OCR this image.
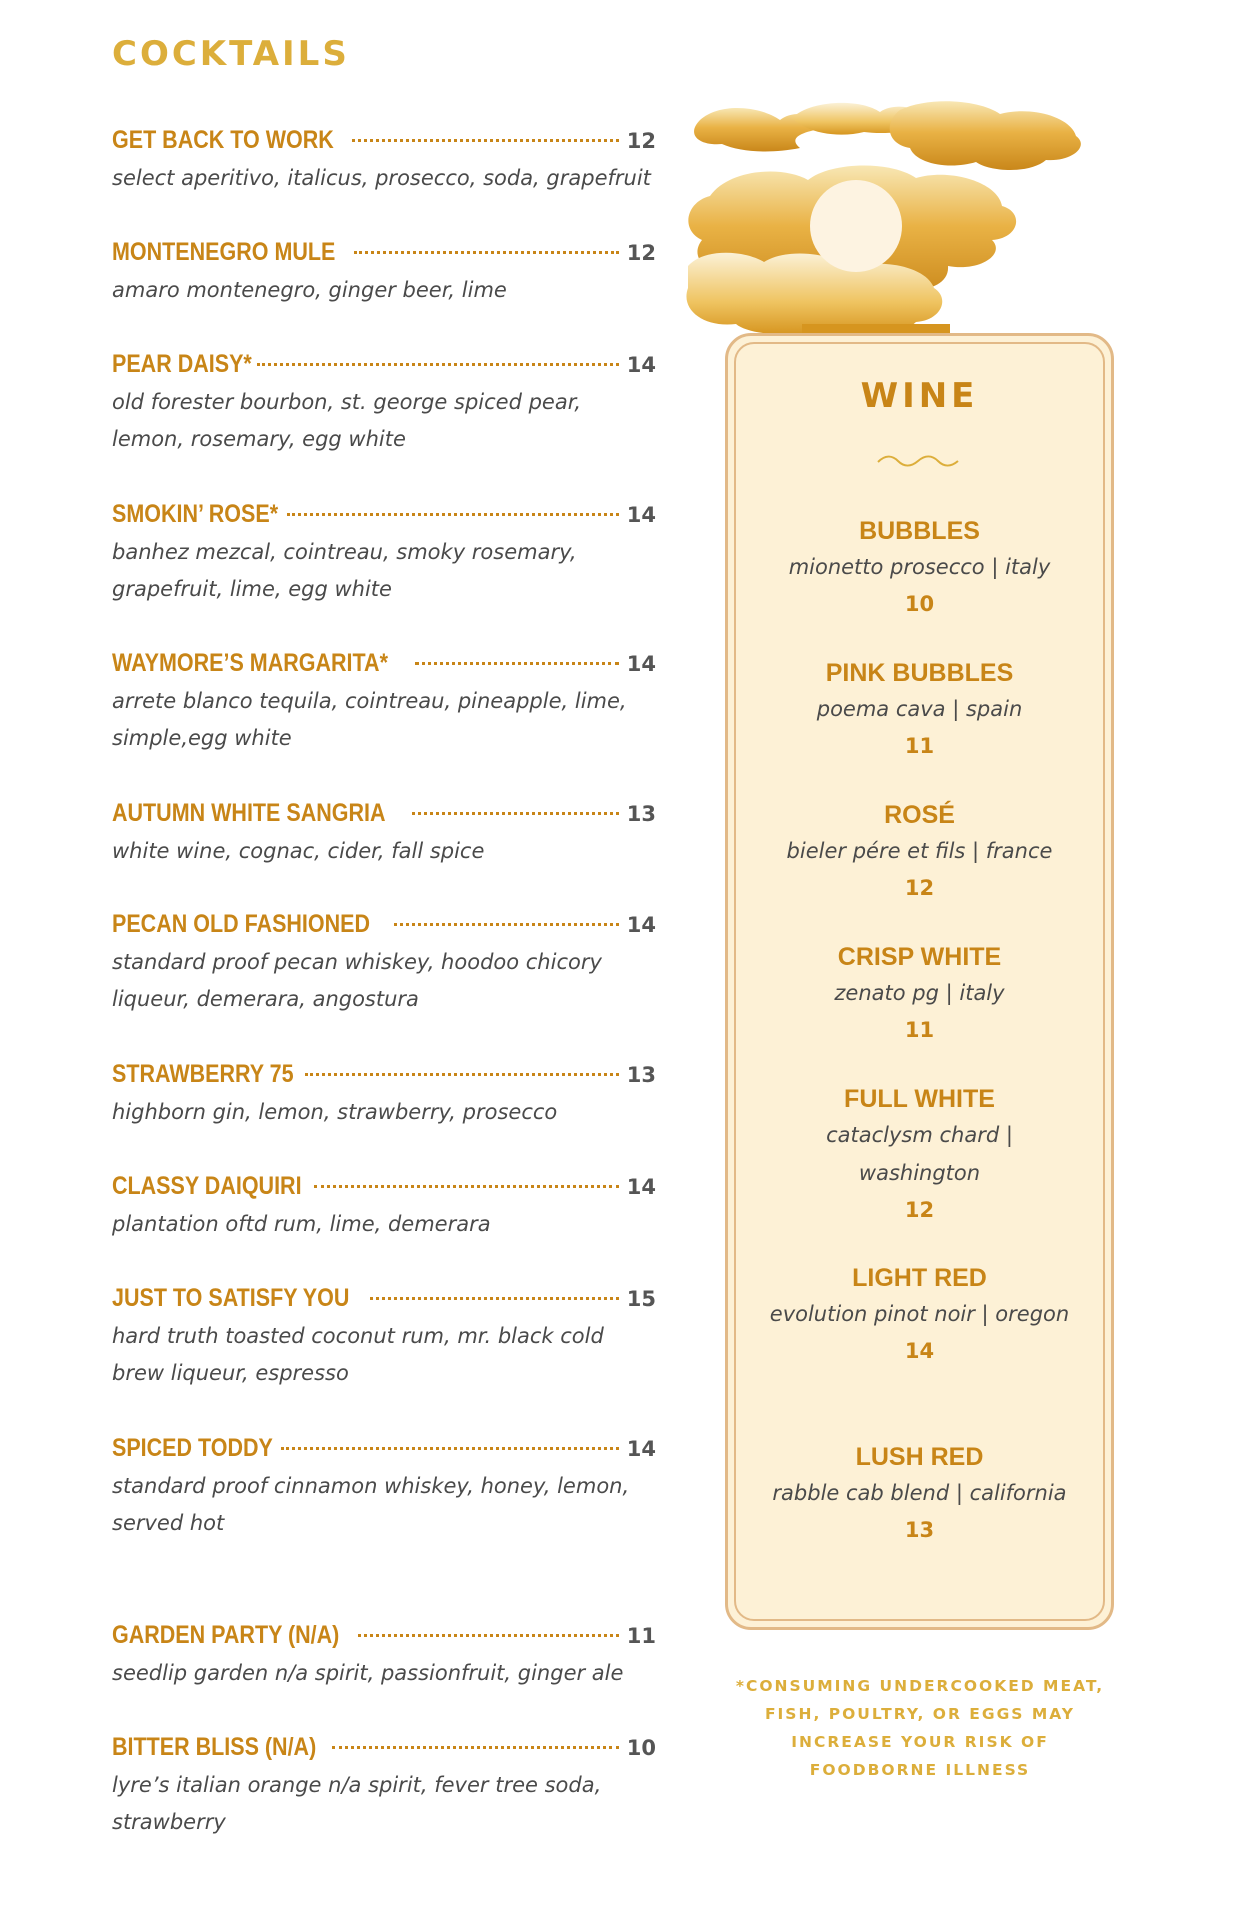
COCKTAILS
GET BACK TO WORK	12

select aperitivo, italicus, prosecco, soda, grapefruit

MONTENEGRO MULE	12

amaro montenegro, ginger beer, lime

PEAR DAISY*	14

old forester bourbon, st. george spiced pear, lemon, rosemary, egg white

SMOKIN’ ROSE*	14

banhez mezcal, cointreau, smoky rosemary, grapefruit, lime, egg white

WAYMORE’S MARGARITA*	14

arrete blanco tequila, cointreau, pineapple, lime, simple,egg white

AUTUMN WHITE SANGRIA	13

white wine, cognac, cider, fall spice

PECAN OLD FASHIONED	14

standard proof pecan whiskey, hoodoo chicory liqueur, demerara, angostura

STRAWBERRY 75	13

highborn gin, lemon, strawberry, prosecco

CLASSY DAIQUIRI	14

plantation oftd rum, lime, demerara

JUST TO SATISFY YOU	15

hard truth toasted coconut rum, mr. black cold brew liqueur, espresso

SPICED TODDY	14

standard proof cinnamon whiskey, honey, lemon, served hot

GARDEN PARTY (N/A)	11

seedlip garden n/a spirit, passionfruit, ginger ale

BITTER BLISS (N/A)	10

lyre’s italian orange n/a spirit, fever tree soda, strawberry

WINE
BUBBLES
mionetto prosecco | italy
10
PINK BUBBLES
poema cava | spain
11
ROSÉ
bieler pére et fils | france
12
CRISP WHITE
zenato pg | italy
11
FULL WHITE
cataclysm chard | washington
12
LIGHT RED
evolution pinot noir | oregon
14
LUSH RED
rabble cab blend | california
13

*CONSUMING UNDERCOOKED MEAT, FISH, POULTRY, OR EGGS MAY INCREASE YOUR RISK OF FOODBORNE ILLNESS
